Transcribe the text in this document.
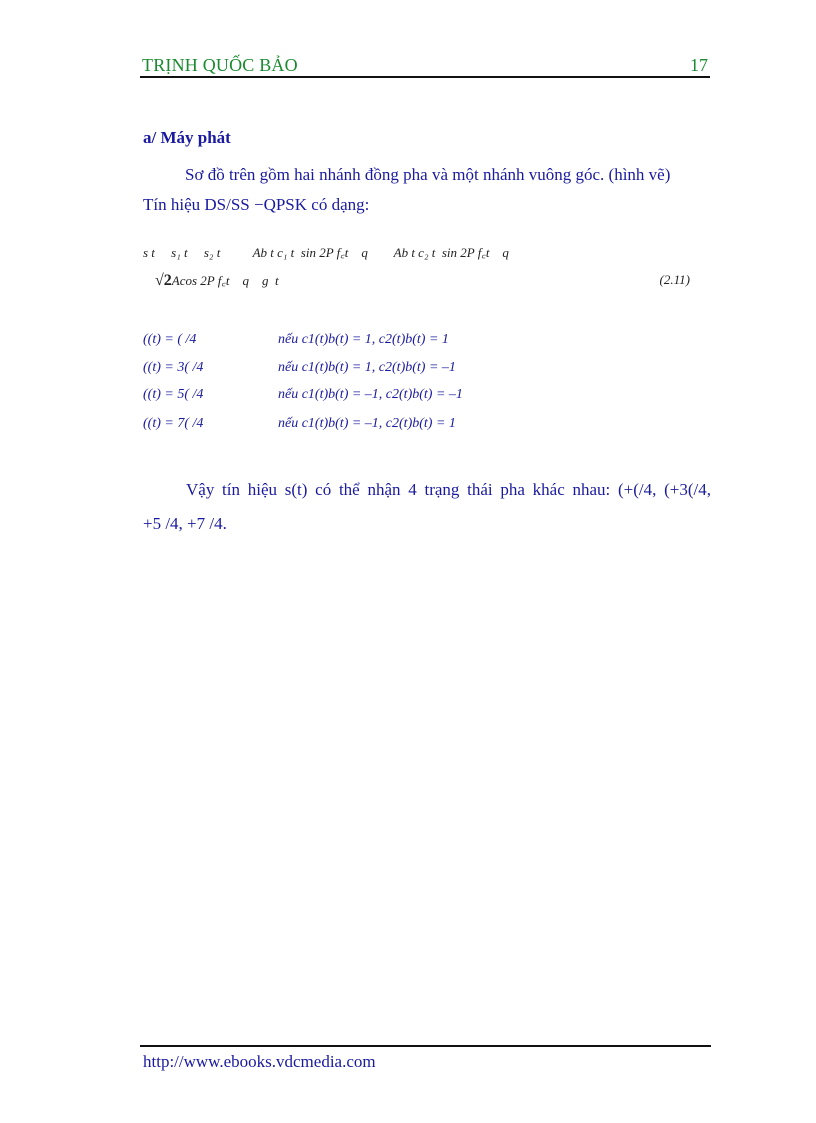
TRỊNH QUỐC BẢO	17
a/ Máy phát
Sơ đồ trên gồm hai nhánh đồng pha và một nhánh vuông góc. (hình vẽ)
Tín hiệu DS/SS −QPSK có dạng:
s t     s₁ t     s₂ t          Ab t c₁ t  sin 2P f꜀t    q        Ab t c₂ t  sin 2P f꜀t    q
√2Acos 2P f꜀t    q    g  t	(2.11)
((t) = ( /4	nếu c1(t)b(t) = 1, c2(t)b(t) = 1
((t) = 3( /4	nếu c1(t)b(t) = 1, c2(t)b(t) = –1
((t) = 5( /4	nếu c1(t)b(t) = –1, c2(t)b(t) = –1
((t) = 7( /4	nếu c1(t)b(t) = –1, c2(t)b(t) = 1
Vậy tín hiệu s(t) có thể nhận 4 trạng thái pha khác nhau: (+(/4, (+3(/4,
+5 /4, +7 /4.
http://www.ebooks.vdcmedia.com
